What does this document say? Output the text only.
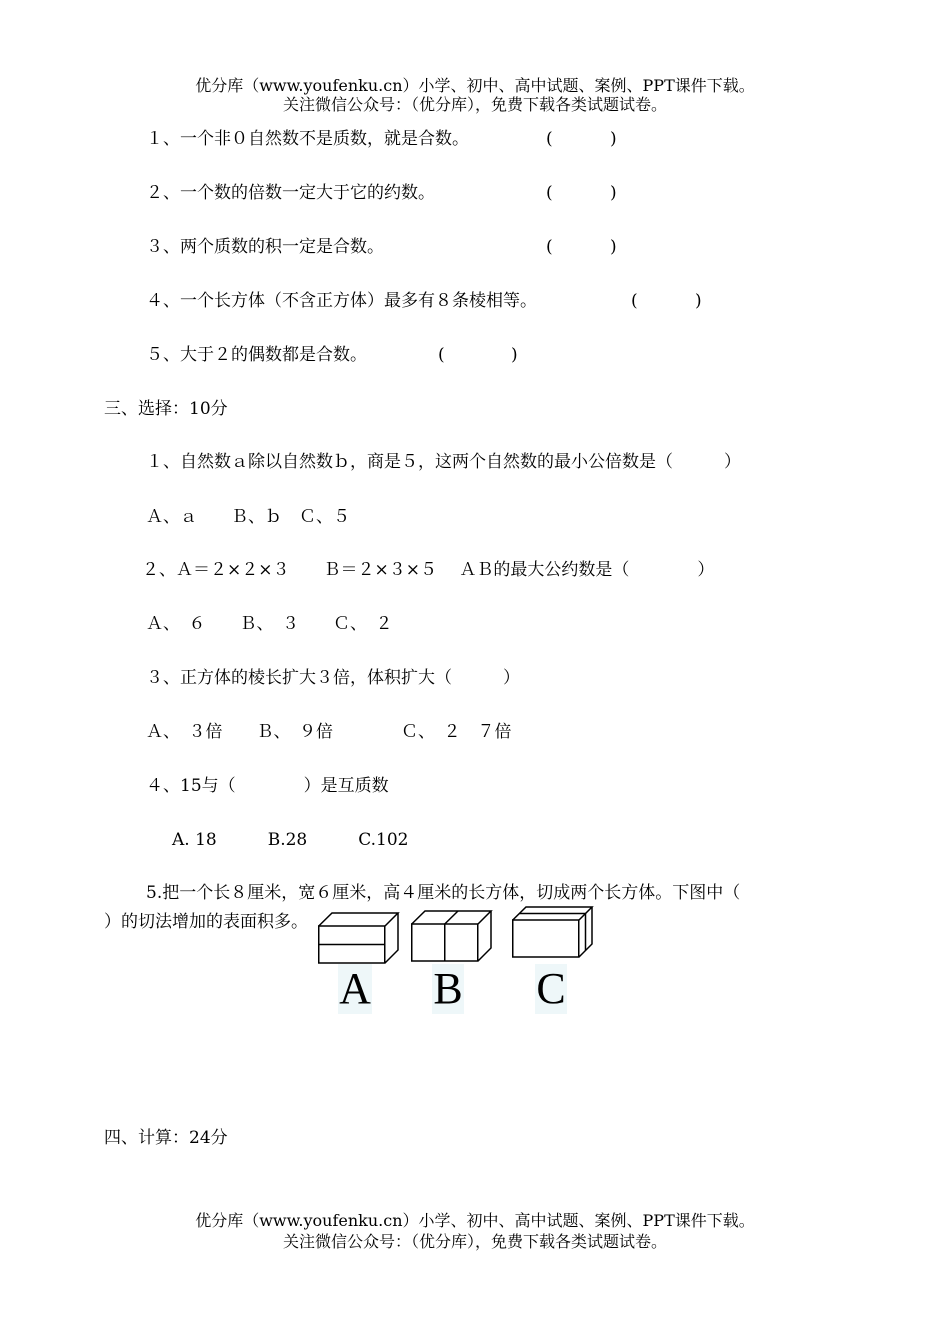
优分库（www.youfenku.cn）小学、初中、高中试题、案例、PPT课件下载。
关注微信公众号：（优分库），免费下载各类试题试卷。
１、一个非０自然数不是质数，就是合数。	(	)
２、一个数的倍数一定大于它的约数。	(	)
３、两个质数的积一定是合数。	(	)
４、一个长方体（不含正方体）最多有８条棱相等。	(	)
５、大于２的偶数都是合数。	(	)
三、选择：10分
１、自然数ａ除以自然数ｂ，商是５，这两个自然数的最小公倍数是（　　　）
Ａ、ａ　　Ｂ、ｂ　Ｃ、５
２、Ａ＝２×２×３　　Ｂ＝２×３×５　 ＡＢ的最大公约数是（　　　　）
Ａ、　６　　Ｂ、　３　　Ｃ、　２
３、正方体的棱长扩大３倍，体积扩大（　　　）
Ａ、　３倍　　Ｂ、　９倍　　　　Ｃ、　２　７倍
４、15与（　　　　）是互质数
A. 18　　　B.28　　　C.102
5.把一个长８厘米，宽６厘米，高４厘米的长方体，切成两个长方体。下图中（
）的切法增加的表面积多。
A B C
四、计算：24分
优分库（www.youfenku.cn）小学、初中、高中试题、案例、PPT课件下载。
关注微信公众号：（优分库），免费下载各类试题试卷。
